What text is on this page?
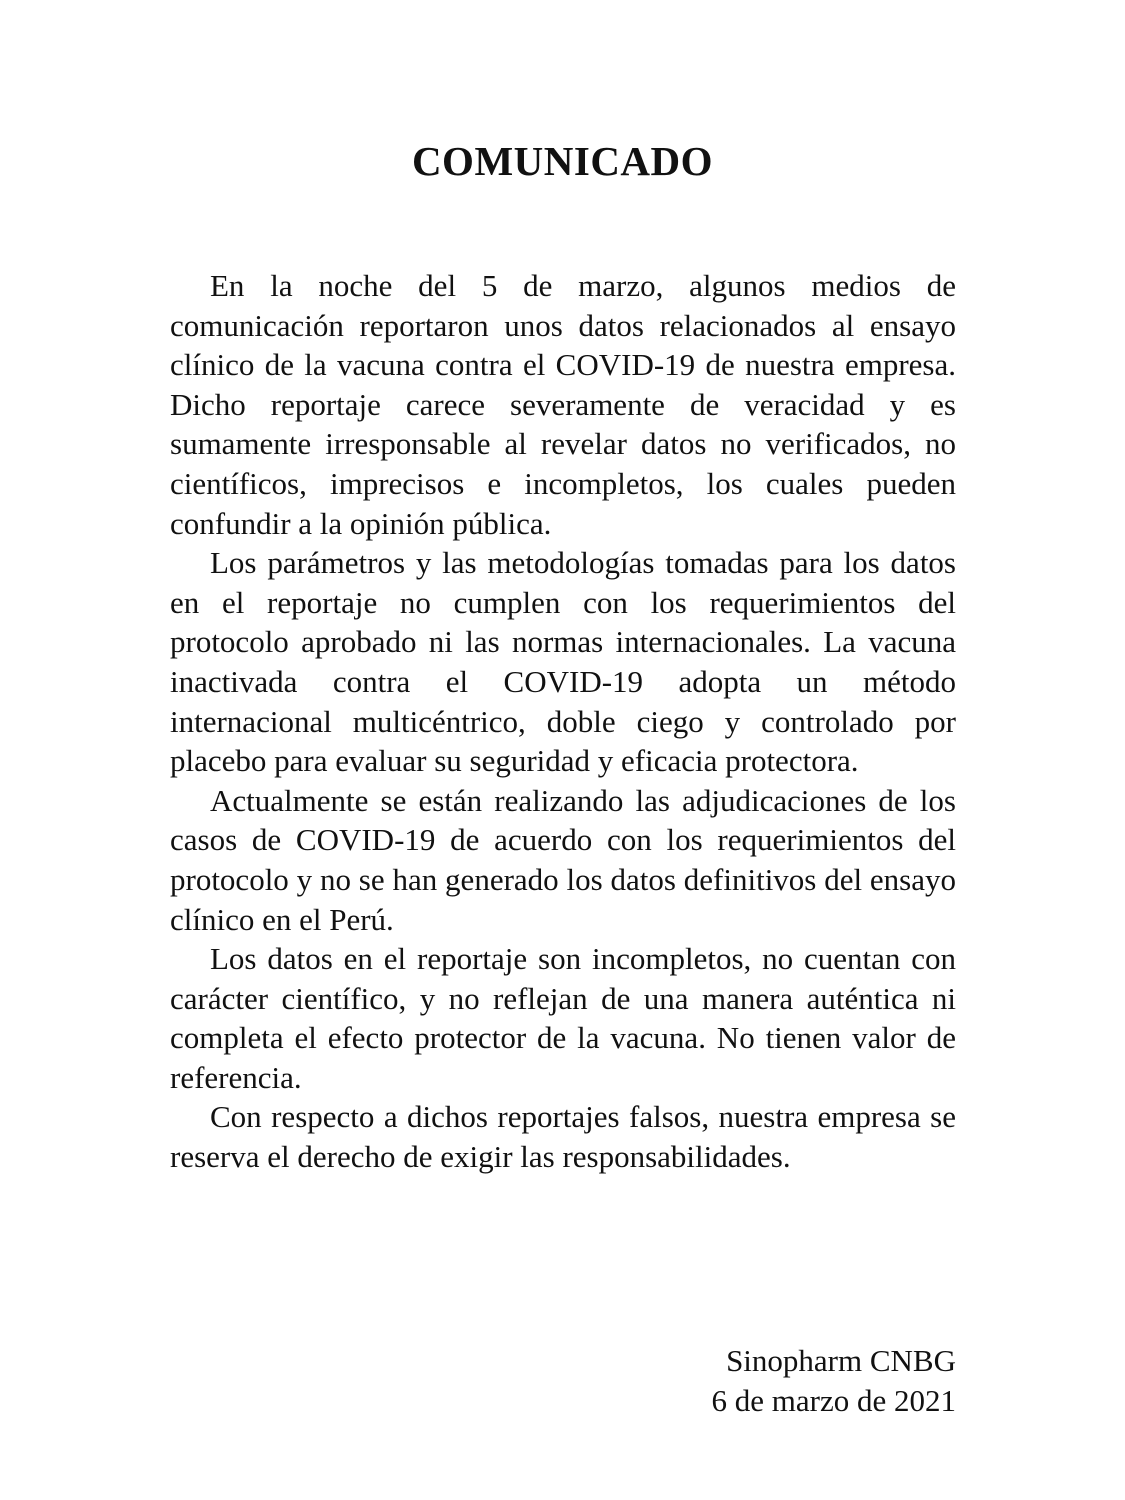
COMUNICADO

En la noche del 5 de marzo, algunos medios de comunicación reportaron unos datos relacionados al ensayo clínico de la vacuna contra el COVID-19 de nuestra empresa. Dicho reportaje carece severamente de veracidad y es sumamente irresponsable al revelar datos no verificados, no científicos, imprecisos e incompletos, los cuales pueden confundir a la opinión pública.

Los parámetros y las metodologías tomadas para los datos en el reportaje no cumplen con los requerimientos del protocolo aprobado ni las normas internacionales. La vacuna inactivada contra el COVID-19 adopta un método internacional multicéntrico, doble ciego y controlado por placebo para evaluar su seguridad y eficacia protectora.

Actualmente se están realizando las adjudicaciones de los casos de COVID-19 de acuerdo con los requerimientos del protocolo y no se han generado los datos definitivos del ensayo clínico en el Perú.

Los datos en el reportaje son incompletos, no cuentan con carácter científico, y no reflejan de una manera auténtica ni completa el efecto protector de la vacuna. No tienen valor de referencia.

Con respecto a dichos reportajes falsos, nuestra empresa se reserva el derecho de exigir las responsabilidades.

Sinopharm CNBG
6 de marzo de 2021
